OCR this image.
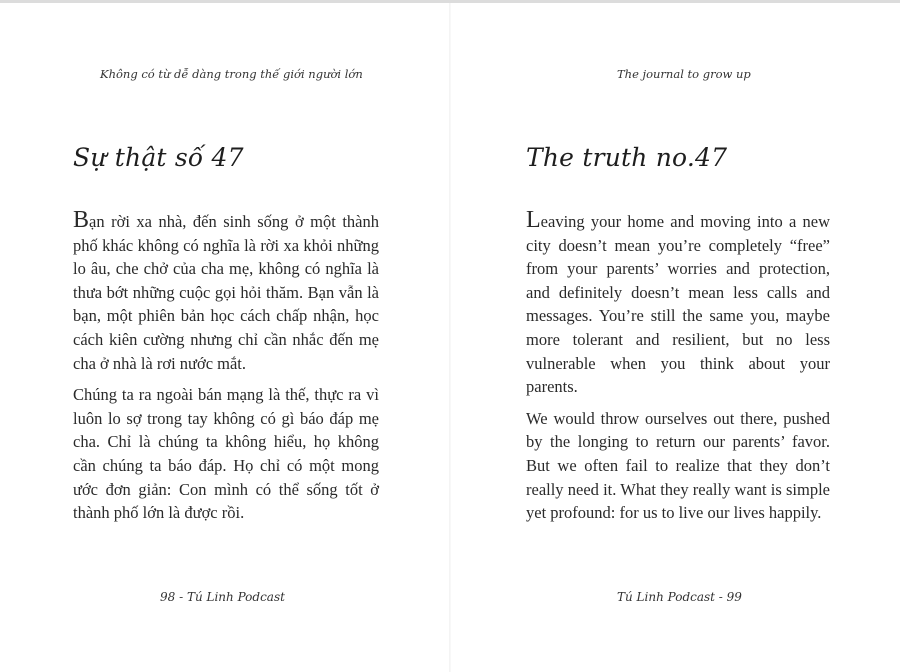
Không có từ dễ dàng trong thế giới người lớn
Sự thật số 47

Bạn rời xa nhà, đến sinh sống ở một thành phố khác không có nghĩa là rời xa khỏi những lo âu, che chở của cha mẹ, không có nghĩa là thưa bớt những cuộc gọi hỏi thăm. Bạn vẫn là bạn, một phiên bản học cách chấp nhận, học cách kiên cường nhưng chỉ cần nhắc đến mẹ cha ở nhà là rơi nước mắt.

Chúng ta ra ngoài bán mạng là thế, thực ra vì luôn lo sợ trong tay không có gì báo đáp mẹ cha. Chỉ là chúng ta không hiểu, họ không cần chúng ta báo đáp. Họ chỉ có một mong ước đơn giản: Con mình có thể sống tốt ở thành phố lớn là được rồi.

98 - Tú Linh Podcast
The journal to grow up
The truth no.47

Leaving your home and moving into a new city doesn’t mean you’re completely “free” from your parents’ worries and protection, and definitely doesn’t mean less calls and messages. You’re still the same you, maybe more tolerant and resilient, but no less vulnerable when you think about your parents.

We would throw ourselves out there, pushed by the longing to return our parents’ favor. But we often fail to realize that they don’t really need it. What they really want is simple yet profound: for us to live our lives happily.

Tú Linh Podcast - 99
